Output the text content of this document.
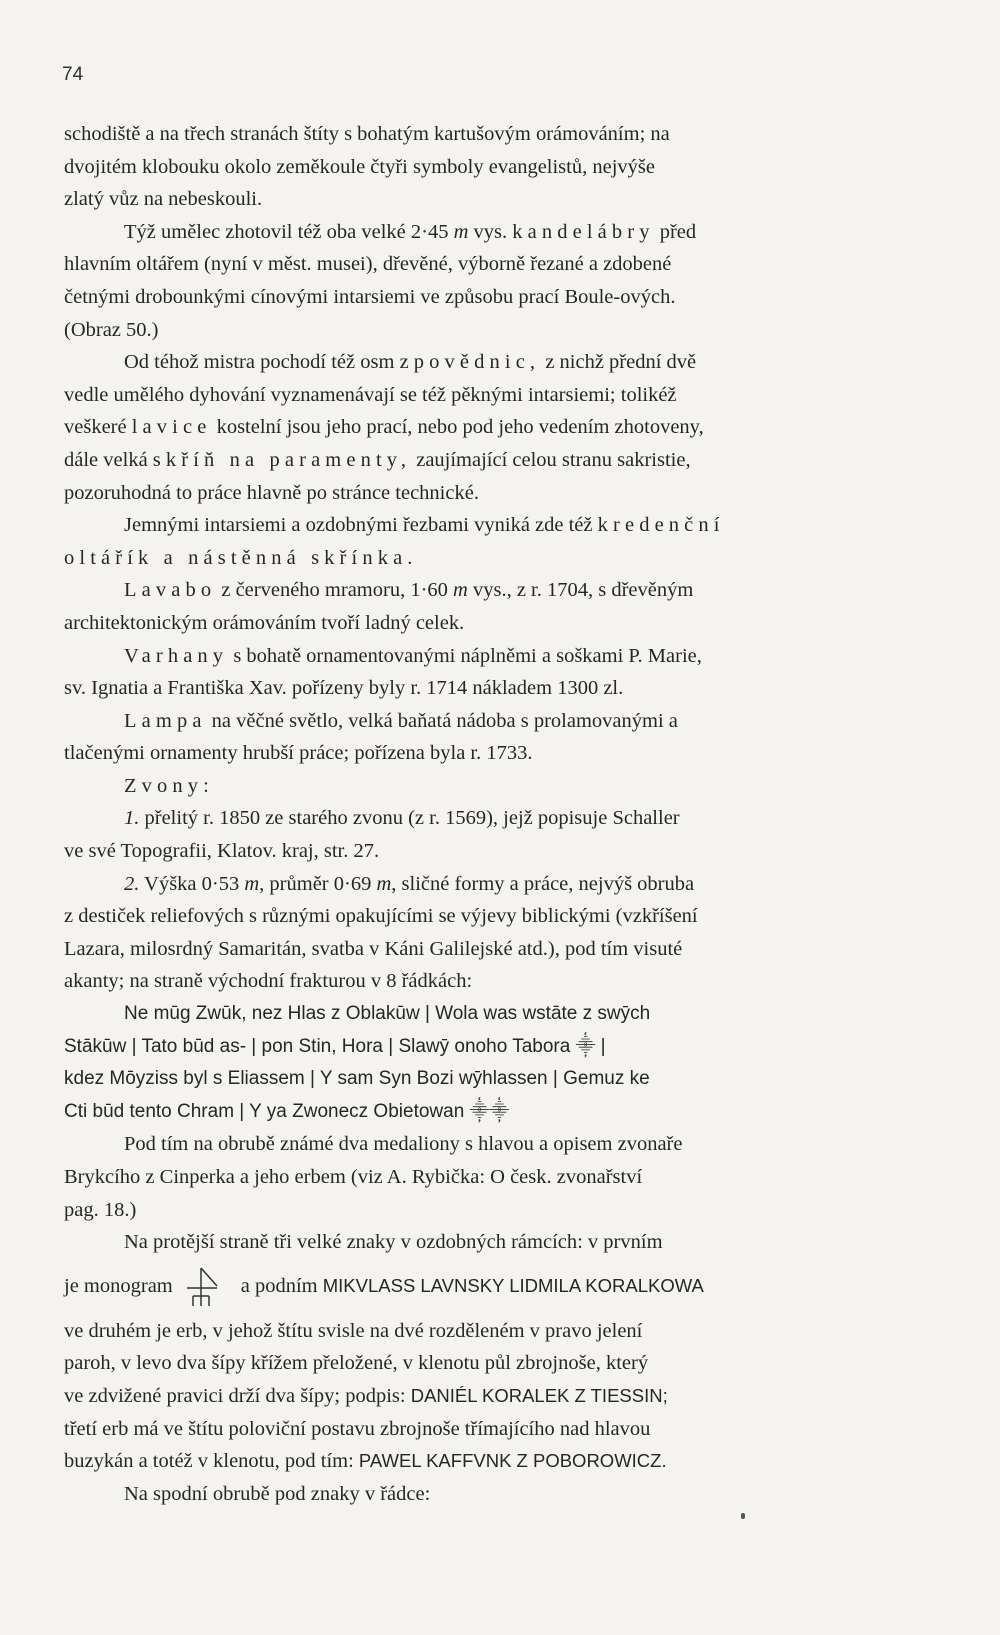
74
schodiště a na třech stranách štíty s bohatým kartušovým orámováním; na
dvojitém klobouku okolo zeměkoule čtyři symboly evangelistů, nejvýše
zlatý vůz na nebeskouli.
Týž umělec zhotovil též oba velké 2·45 m vys. kandelábry před
hlavním oltářem (nyní v měst. musei), dřevěné, výborně řezané a zdobené
četnými drobounkými cínovými intarsiemi ve způsobu prací Boule-ových.
(Obraz 50.)
Od téhož mistra pochodí též osm zpovědnic, z nichž přední dvě
vedle umělého dyhování vyznamenávají se též pěknými intarsiemi; tolikéž
veškeré lavice kostelní jsou jeho prací, nebo pod jeho vedením zhotoveny,
dále velká skříň na paramenty, zaujímající celou stranu sakristie,
pozoruhodná to práce hlavně po stránce technické.
Jemnými intarsiemi a ozdobnými řezbami vyniká zde též kredenční
oltářík a nástěnná skřínka.
Lavabo z červeného mramoru, 1·60 m vys., z r. 1704, s dřevěným
architektonickým orámováním tvoří ladný celek.
Varhany s bohatě ornamentovanými náplněmi a soškami P. Marie,
sv. Ignatia a Františka Xav. pořízeny byly r. 1714 nákladem 1300 zl.
Lampa na věčné světlo, velká baňatá nádoba s prolamovanými a
tlačenými ornamenty hrubší práce; pořízena byla r. 1733.
Zvony:
1. přelitý r. 1850 ze starého zvonu (z r. 1569), jejž popisuje Schaller
ve své Topografii, Klatov. kraj, str. 27.
2. Výška 0·53 m, průměr 0·69 m, sličné formy a práce, nejvýš obruba
z destiček reliefových s různými opakujícími se výjevy biblickými (vzkříšení
Lazara, milosrdný Samaritán, svatba v Káni Galilejské atd.), pod tím visuté
akanty; na straně východní frakturou v 8 řádkách:
Ne mūg Zwūk, nez Hlas z Oblakūw | Wola was wstāte z swȳch
Stākūw | Tato būd as- | pon Stin, Hora | Slawȳ onoho Tabora ⸎ |
kdez Mōyziss byl s Eliassem | Y sam Syn Bozi wȳhlassen | Gemuz ke
Cti būd tento Chram | Y ya Zwonecz Obietowan ⸎⸎
Pod tím na obrubě známé dva medaliony s hlavou a opisem zvonaře
Brykcího z Cinperka a jeho erbem (viz A. Rybička: O česk. zvonařství
pag. 18.)
Na protější straně tři velké znaky v ozdobných rámcích: v prvním
je monogram	a podním
MIKVLASS LAVNSKY LIDMILA KORALKOWA
ve druhém je erb, v jehož štítu svisle na dvé rozděleném v pravo jelení
paroh, v levo dva šípy křížem přeložené, v klenotu půl zbrojnoše, který
ve zdvižené pravici drží dva šípy; podpis: DANIÉL KORALEK Z TIESSIN;
třetí erb má ve štítu poloviční postavu zbrojnoše třímajícího nad hlavou
buzykán a totéž v klenotu, pod tím: PAWEL KAFFVNK Z POBOROWICZ.
Na spodní obrubě pod znaky v řádce:
